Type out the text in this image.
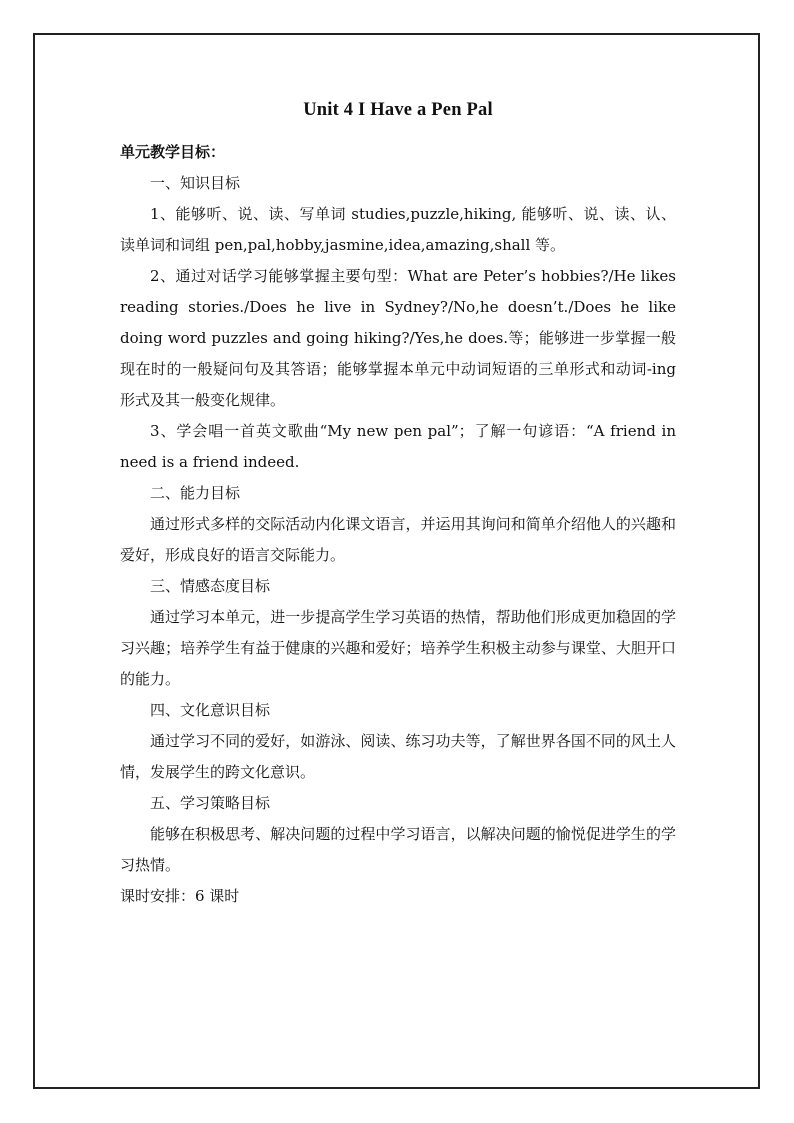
Unit 4 I Have a Pen Pal

单元教学目标：

一、知识目标

1、能够听、说、读、写单词 studies,puzzle,hiking, 能够听、说、读、认、读单词和词组 pen,pal,hobby,jasmine,idea,amazing,shall 等。

2、通过对话学习能够掌握主要句型：What are Peter’s hobbies?/He likes reading stories./Does he live in Sydney?/No,he doesn’t./Does he like doing word puzzles and going hiking?/Yes,he does.等；能够进一步掌握一般现在时的一般疑问句及其答语；能够掌握本单元中动词短语的三单形式和动词-ing 形式及其一般变化规律。

3、学会唱一首英文歌曲“My new pen pal”；了解一句谚语：“A friend in need is a friend indeed.

二、能力目标

通过形式多样的交际活动内化课文语言，并运用其询问和简单介绍他人的兴趣和爱好，形成良好的语言交际能力。

三、情感态度目标

通过学习本单元，进一步提高学生学习英语的热情，帮助他们形成更加稳固的学习兴趣；培养学生有益于健康的兴趣和爱好；培养学生积极主动参与课堂、大胆开口的能力。

四、文化意识目标

通过学习不同的爱好，如游泳、阅读、练习功夫等，了解世界各国不同的风土人情，发展学生的跨文化意识。

五、学习策略目标

能够在积极思考、解决问题的过程中学习语言，以解决问题的愉悦促进学生的学习热情。

课时安排：6 课时
